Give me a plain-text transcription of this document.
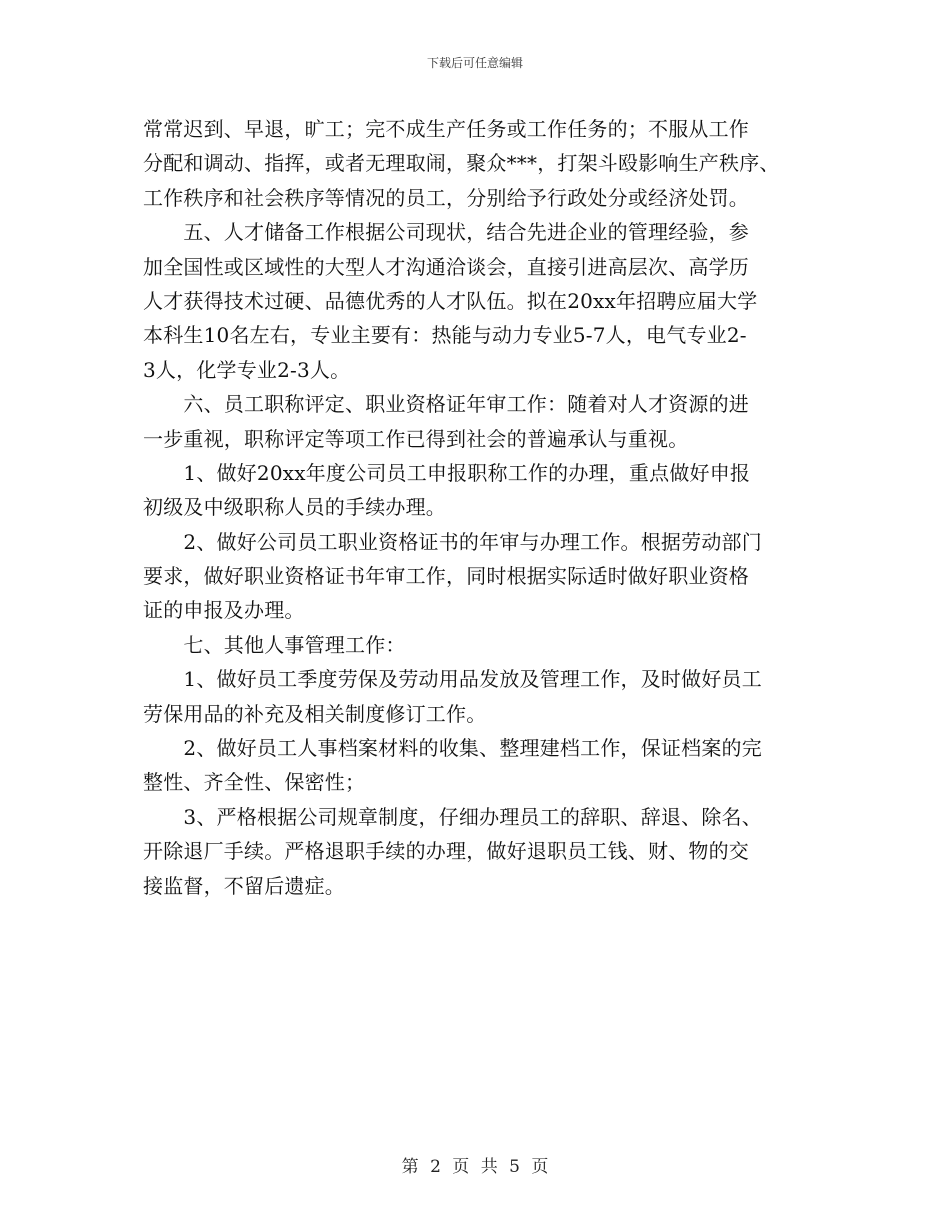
下载后可任意编辑
常常迟到、早退，旷工；完不成生产任务或工作任务的；不服从工作
分配和调动、指挥，或者无理取闹，聚众***，打架斗殴影响生产秩序、
工作秩序和社会秩序等情况的员工，分别给予行政处分或经济处罚。
　　五、人才储备工作根据公司现状，结合先进企业的管理经验，参
加全国性或区域性的大型人才沟通洽谈会，直接引进高层次、高学历
人才获得技术过硬、品德优秀的人才队伍。拟在20xx年招聘应届大学
本科生10名左右，专业主要有：热能与动力专业5-7人，电气专业2-
3人，化学专业2-3人。
　　六、员工职称评定、职业资格证年审工作：随着对人才资源的进
一步重视，职称评定等项工作已得到社会的普遍承认与重视。
　　1、做好20xx年度公司员工申报职称工作的办理，重点做好申报
初级及中级职称人员的手续办理。
　　2、做好公司员工职业资格证书的年审与办理工作。根据劳动部门
要求，做好职业资格证书年审工作，同时根据实际适时做好职业资格
证的申报及办理。
　　七、其他人事管理工作：
　　1、做好员工季度劳保及劳动用品发放及管理工作，及时做好员工
劳保用品的补充及相关制度修订工作。
　　2、做好员工人事档案材料的收集、整理建档工作，保证档案的完
整性、齐全性、保密性；
　　3、严格根据公司规章制度，仔细办理员工的辞职、辞退、除名、
开除退厂手续。严格退职手续的办理，做好退职员工钱、财、物的交
接监督，不留后遗症。
第 2 页 共 5 页
